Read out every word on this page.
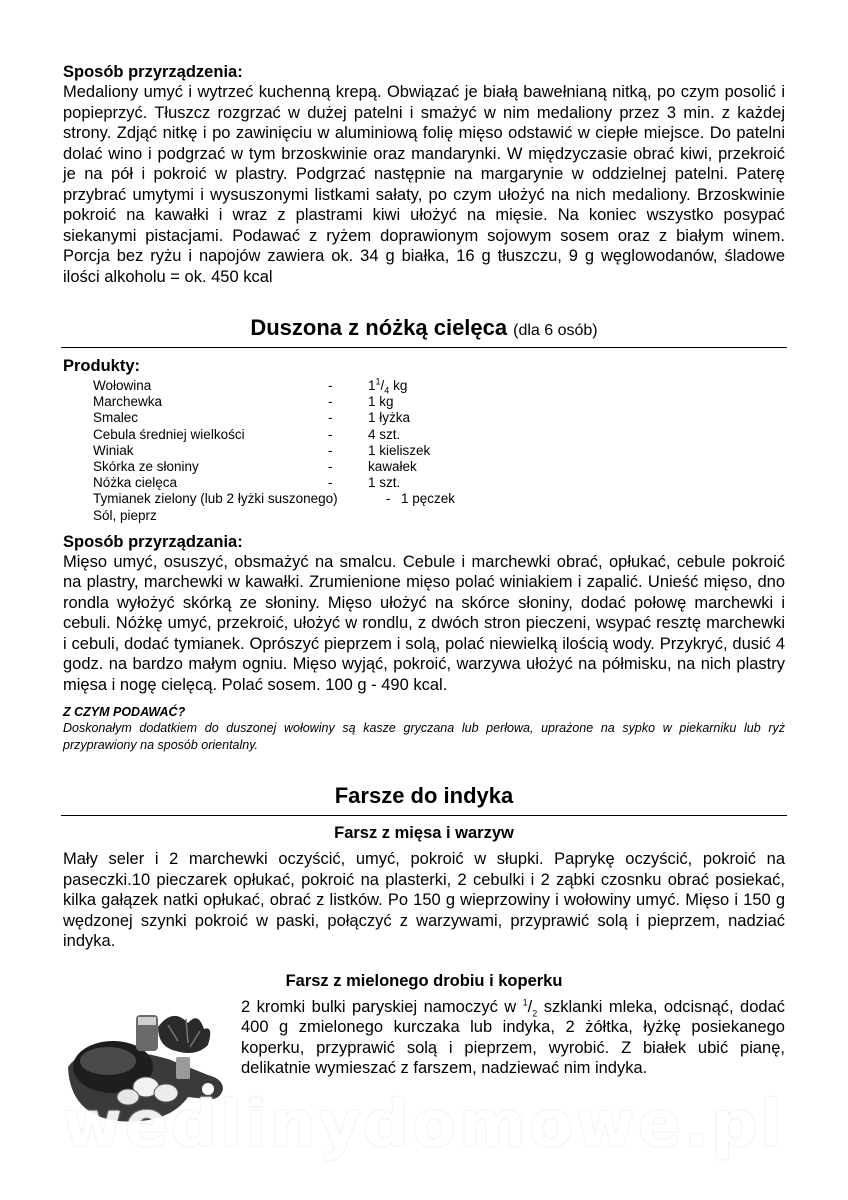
Sposób przyrządzenia:

Medaliony umyć i wytrzeć kuchenną krepą. Obwiązać je białą bawełnianą nitką, po czym posolić i popieprzyć. Tłuszcz rozgrzać w dużej patelni i smażyć w nim medaliony przez 3 min. z każdej strony. Zdjąć nitkę i po zawinięciu w aluminiową folię mięso odstawić w ciepłe miejsce. Do patelni dolać wino i podgrzać w tym brzoskwinie oraz mandarynki. W międzyczasie obrać kiwi, przekroić je na pół i pokroić w plastry. Podgrzać następnie na margarynie w oddzielnej patelni. Paterę przybrać umytymi i wysuszonymi listkami sałaty, po czym ułożyć na nich medaliony. Brzoskwinie pokroić na kawałki i wraz z plastrami kiwi ułożyć na mięsie. Na koniec wszystko posypać siekanymi pistacjami. Podawać z ryżem doprawionym sojowym sosem oraz z białym winem. Porcja bez ryżu i napojów zawiera ok. 34 g białka, 16 g tłuszczu, 9 g węglowodanów, śladowe ilości alkoholu = ok. 450 kcal

Duszona z nóżką cielęca (dla 6 osób)

Produkty:

Wołowina	-	$1^1/_4$ kg
Marchewka	-	1 kg
Smalec	-	1 łyżka
Cebula średniej wielkości	-	4 szt.
Winiak	-	1 kieliszek
Skórka ze słoniny	-	kawałek
Nóżka cielęca	-	1 szt.
Tymianek zielony (lub 2 łyżki suszonego)	- 1 pęczek
Sól, pieprz

Sposób przyrządzania:

Mięso umyć, osuszyć, obsmażyć na smalcu. Cebule i marchewki obrać, opłukać, cebule pokroić na plastry, marchewki w kawałki. Zrumienione mięso polać winiakiem i zapalić. Unieść mięso, dno rondla wyłożyć skórką ze słoniny. Mięso ułożyć na skórce słoniny, dodać połowę marchewki i cebuli. Nóżkę umyć, przekroić, ułożyć w rondlu, z dwóch stron pieczeni, wsypać resztę marchewki i cebuli, dodać tymianek. Oprószyć pieprzem i solą, polać niewielką ilością wody. Przykryć, dusić 4 godz. na bardzo małym ogniu. Mięso wyjąć, pokroić, warzywa ułożyć na półmisku, na nich plastry mięsa i nogę cielęcą. Polać sosem. 100 g - 490 kcal.

Z CZYM PODAWAĆ?
Doskonałym dodatkiem do duszonej wołowiny są kasze gryczana lub perłowa, uprażone na sypko w piekarniku lub ryż przyprawiony na sposób orientalny.
Farsze do indyka
Farsz z mięsa i warzyw

Mały seler i 2 marchewki oczyścić, umyć, pokroić w słupki. Paprykę oczyścić, pokroić na paseczki.10 pieczarek opłukać, pokroić na plasterki, 2 cebulki i 2 ząbki czosnku obrać posiekać, kilka gałązek natki opłukać, obrać z listków. Po 150 g wieprzowiny i wołowiny umyć. Mięso i 150 g wędzonej szynki pokroić w paski, połączyć z warzywami, przyprawić solą i pieprzem, nadziać indyka.

Farsz z mielonego drobiu i koperku

2 kromki bulki paryskiej namoczyć w $^1/_2$ szklanki mleka, odcisnąć, dodać 400 g zmielonego kurczaka lub indyka, 2 żółtka, łyżkę posiekanego koperku, przyprawić solą i pieprzem, wyrobić. Z białek ubić pianę, delikatnie wymieszać z farszem, nadziewać nim indyka.

wedlinydomowe.pl
